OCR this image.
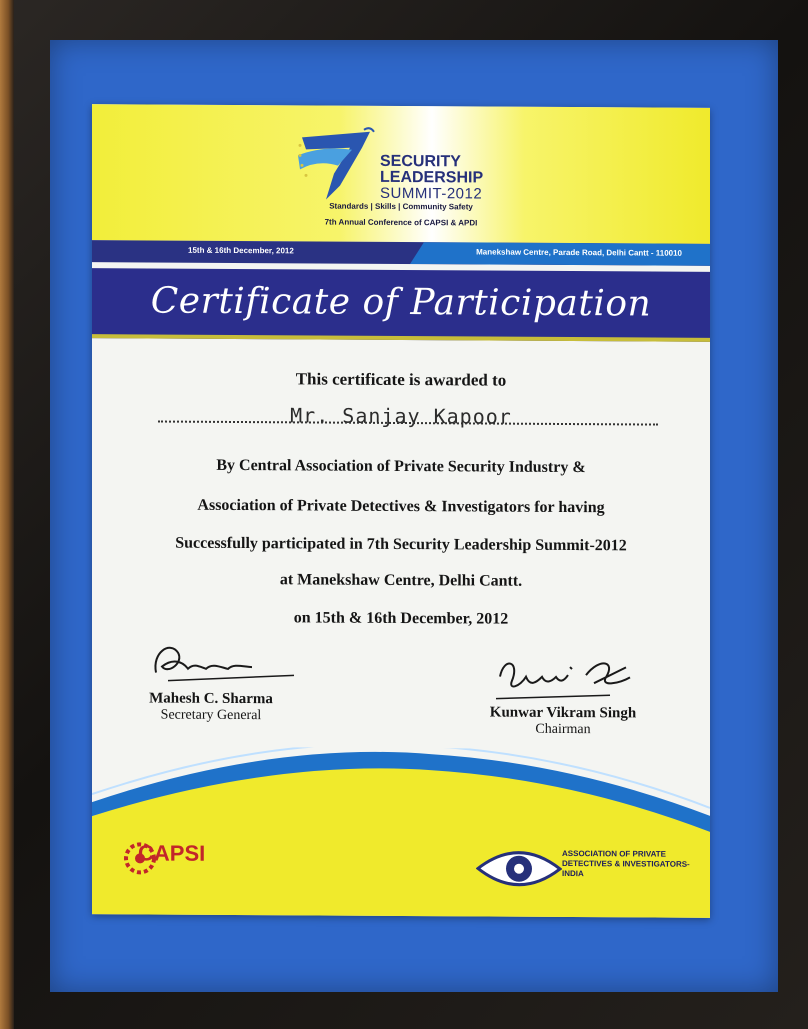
SECURITY
LEADERSHIP
SUMMIT-2012
Standards | Skills | Community Safety
7th Annual Conference of CAPSI & APDI
15th & 16th December, 2012	Manekshaw Centre, Parade Road, Delhi Cantt - 110010
Certificate of Participation
This certificate is awarded to
Mr. Sanjay Kapoor
By Central Association of Private Security Industry &
Association of Private Detectives & Investigators for having
Successfully participated in 7th Security Leadership Summit-2012
at Manekshaw Centre, Delhi Cantt.
on 15th & 16th December, 2012
Mahesh C. Sharma
Secretary General	Kunwar Vikram Singh
Chairman
CAPSI	ASSOCIATION OF PRIVATE DETECTIVES & INVESTIGATORS-INDIA
